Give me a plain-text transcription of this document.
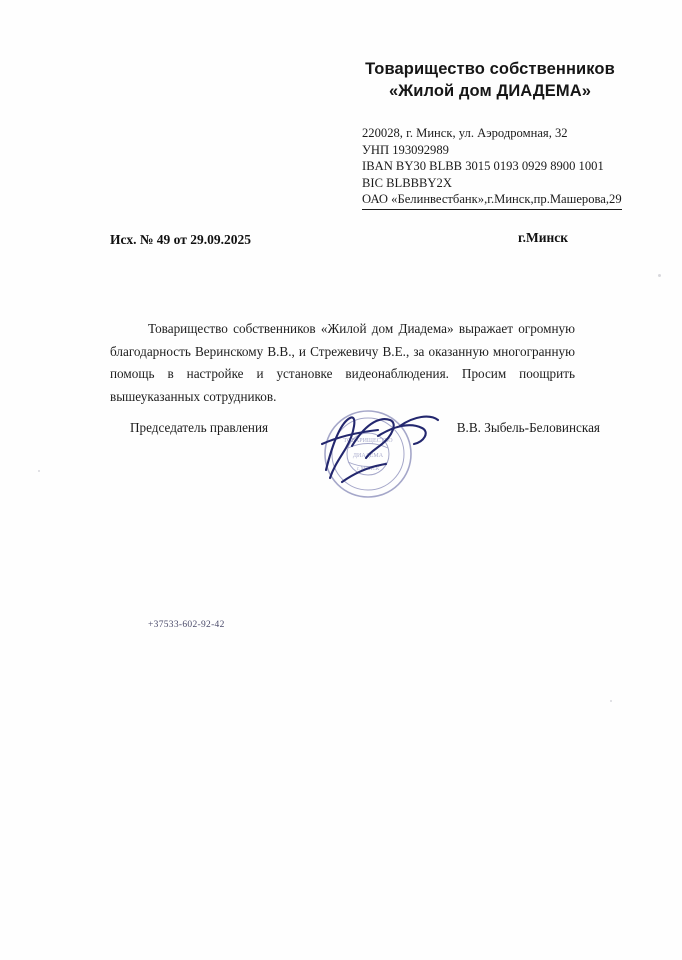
Товарищество собственников
«Жилой дом ДИАДЕМА»
220028, г. Минск, ул. Аэродромная, 32
УНП 193092989
IBAN BY30 BLBB 3015 0193 0929 8900 1001
BIC BLBBBY2X
ОАО «Белинвестбанк»,г.Минск,пр.Машерова,29
Исх. № 49 от 29.09.2025	г.Минск
Товарищество собственников «Жилой дом Диадема» выражает огромную благодарность Веринскому В.В., и Стрежевичу В.Е., за оказанную многогранную помощь в настройке и установке видеонаблюдения. Просим поощрить вышеуказанных сотрудников.
Председатель правления	В.В. Зыбель-Беловинская
ТОВАРИЩЕСТВО
ДИАДЕМА
г. МИНСК
+37533-602-92-42
